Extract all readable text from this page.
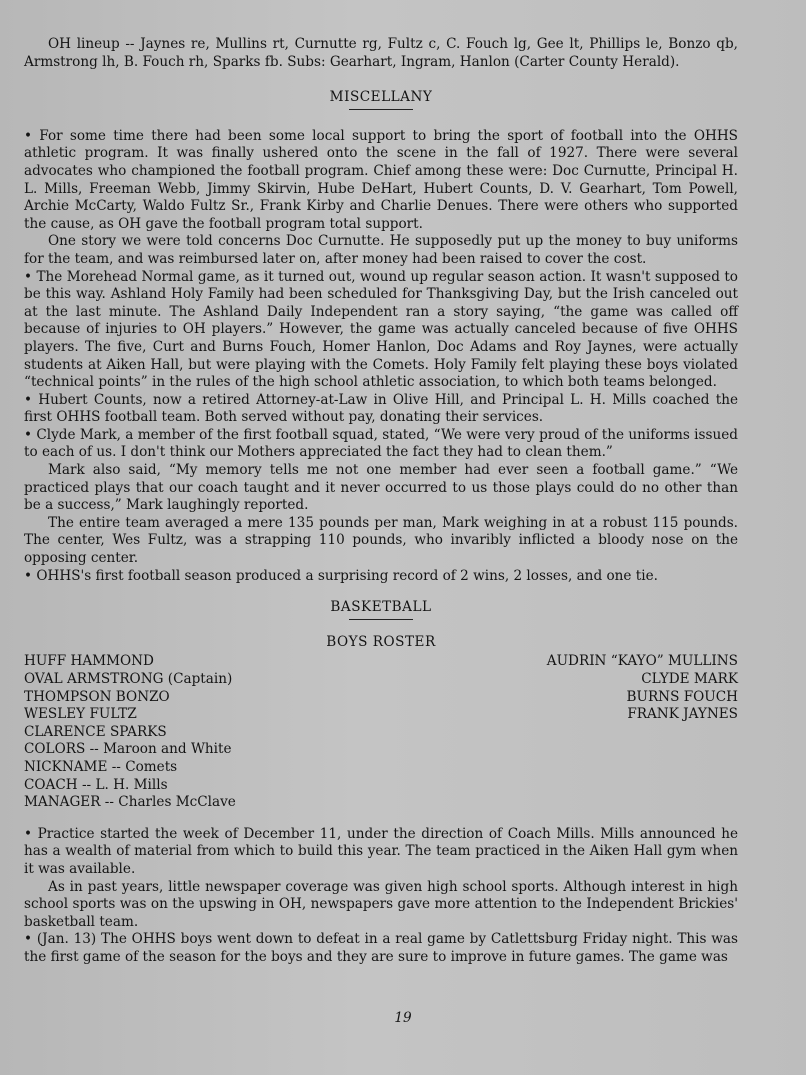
OH lineup -- Jaynes re, Mullins rt, Curnutte rg, Fultz c, C. Fouch lg, Gee lt, Phillips le, Bonzo qb, Armstrong lh, B. Fouch rh, Sparks fb. Subs: Gearhart, Ingram, Hanlon (Carter County Herald).

MISCELLANY

• For some time there had been some local support to bring the sport of football into the OHHS athletic program. It was finally ushered onto the scene in the fall of 1927. There were several advocates who championed the football program. Chief among these were: Doc Curnutte, Principal H. L. Mills, Freeman Webb, Jimmy Skirvin, Hube DeHart, Hubert Counts, D. V. Gearhart, Tom Powell, Archie McCarty, Waldo Fultz Sr., Frank Kirby and Charlie Denues. There were others who supported the cause, as OH gave the football program total support.

One story we were told concerns Doc Curnutte. He supposedly put up the money to buy uniforms for the team, and was reimbursed later on, after money had been raised to cover the cost.

• The Morehead Normal game, as it turned out, wound up regular season action. It wasn't supposed to be this way. Ashland Holy Family had been scheduled for Thanksgiving Day, but the Irish canceled out at the last minute. The Ashland Daily Independent ran a story saying, “the game was called off because of injuries to OH players.” However, the game was actually canceled because of five OHHS players. The five, Curt and Burns Fouch, Homer Hanlon, Doc Adams and Roy Jaynes, were actually students at Aiken Hall, but were playing with the Comets. Holy Family felt playing these boys violated “technical points” in the rules of the high school athletic association, to which both teams belonged.

• Hubert Counts, now a retired Attorney-at-Law in Olive Hill, and Principal L. H. Mills coached the first OHHS football team. Both served without pay, donating their services.

• Clyde Mark, a member of the first football squad, stated, “We were very proud of the uniforms issued to each of us. I don't think our Mothers appreciated the fact they had to clean them.”

Mark also said, “My memory tells me not one member had ever seen a football game.” “We practiced plays that our coach taught and it never occurred to us those plays could do no other than be a success,” Mark laughingly reported.

The entire team averaged a mere 135 pounds per man, Mark weighing in at a robust 115 pounds. The center, Wes Fultz, was a strapping 110 pounds, who invaribly inflicted a bloody nose on the opposing center.

• OHHS's first football season produced a surprising record of 2 wins, 2 losses, and one tie.

BASKETBALL

BOYS ROSTER

HUFF HAMMOND
OVAL ARMSTRONG (Captain)
THOMPSON BONZO
WESLEY FULTZ
CLARENCE SPARKS
COLORS -- Maroon and White
NICKNAME -- Comets
COACH -- L. H. Mills
MANAGER -- Charles McClave
AUDRIN “KAYO” MULLINS
CLYDE MARK
BURNS FOUCH
FRANK JAYNES

• Practice started the week of December 11, under the direction of Coach Mills. Mills announced he has a wealth of material from which to build this year. The team practiced in the Aiken Hall gym when it was available.

As in past years, little newspaper coverage was given high school sports. Although interest in high school sports was on the upswing in OH, newspapers gave more attention to the Independent Brickies' basketball team.

• (Jan. 13) The OHHS boys went down to defeat in a real game by Catlettsburg Friday night. This was the first game of the season for the boys and they are sure to improve in future games. The game was

19
